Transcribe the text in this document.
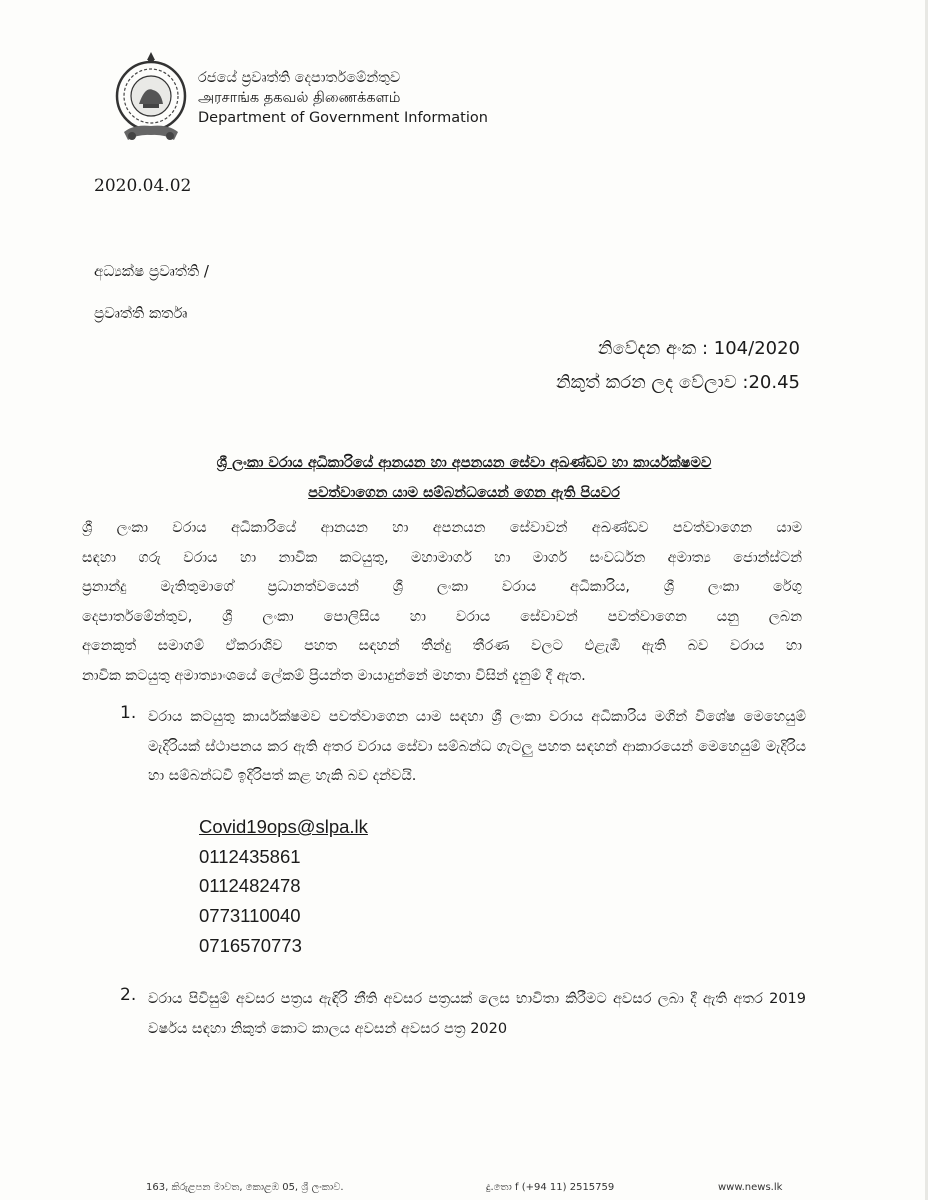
රජයේ ප්‍රවෘත්ති දෙපාර්තමේන්තුව
அரசாங்க தகவல் திணைக்களம்
Department of Government Information
2020.04.02
අධ්‍යක්ෂ ප්‍රවෘත්ති /
ප්‍රවෘත්ති කර්තෘ
නිවේදන අංක : 104/2020
නිකුත් කරන ලද වේලාව :20.45
ශ්‍රී ලංකා වරාය අධිකාරියේ ආනයන හා අපනයන සේවා අඛණ්ඩව හා කාර්යක්ෂමව
පවත්වාගෙන යාම සම්බන්ධයෙන් ගෙන ඇති පියවර
ශ්‍රී ලංකා වරාය අධිකාරියේ ආනයන හා අපනයන සේවාවන් අඛණ්ඩව පවත්වාගෙන යාම
සඳහා ගරු වරාය හා නාවික කටයුතු, මහාමාර්ග හා මාර්ග සංවර්ධන අමාත්‍ය ජොන්ස්ටන්
ප්‍රනාන්දු මැතිතුමාගේ ප්‍රධානත්වයෙන් ශ්‍රී ලංකා වරාය අධිකාරිය, ශ්‍රී ලංකා රේගු
දෙපාර්තමේන්තුව, ශ්‍රී ලංකා පොලිසිය හා වරාය සේවාවන් පවත්වාගෙන යනු ලබන
අනෙකුත් සමාගම් ඒකරාශිව පහත සඳහන් තීන්දු තීරණ වලට එළැඹී ඇති බව වරාය හා
නාවික කටයුතු අමාත්‍යාංශයේ ලේකම් ප්‍රියන්ත මායාදුන්නේ මහතා විසින් දැනුම් දී ඇත.
1. වරාය කටයුතු කාර්යක්ෂමව පවත්වාගෙන යාම සඳහා ශ්‍රී ලංකා වරාය අධිකාරිය මගින් විශේෂ මෙහෙයුම් මැදිරියක් ස්ථාපනය කර ඇති අතර වරාය සේවා සම්බන්ධ ගැටලු පහත සඳහන් ආකාරයෙන් මෙහෙයුම් මැදිරිය හා සම්බන්ධවී ඉදිරිපත් කළ හැකි බව දන්වයි.
Covid19ops@slpa.lk
0112435861
0112482478
0773110040
0716570773
2. වරාය පිවිසුම් අවසර පත්‍රය ඇඳිරි නීති අවසර පත්‍රයක් ලෙස භාවිතා කිරීමට අවසර ලබා දී ඇති අතර 2019 වර්ෂය සඳහා නිකුත් කොට කාලය අවසන් අවසර පත්‍ර 2020
163, කිරුළපන මාවත, කොළඹ 05, ශ්‍රී ලංකාව.	දු.තො f (+94 11) 2515759	www.news.lk
